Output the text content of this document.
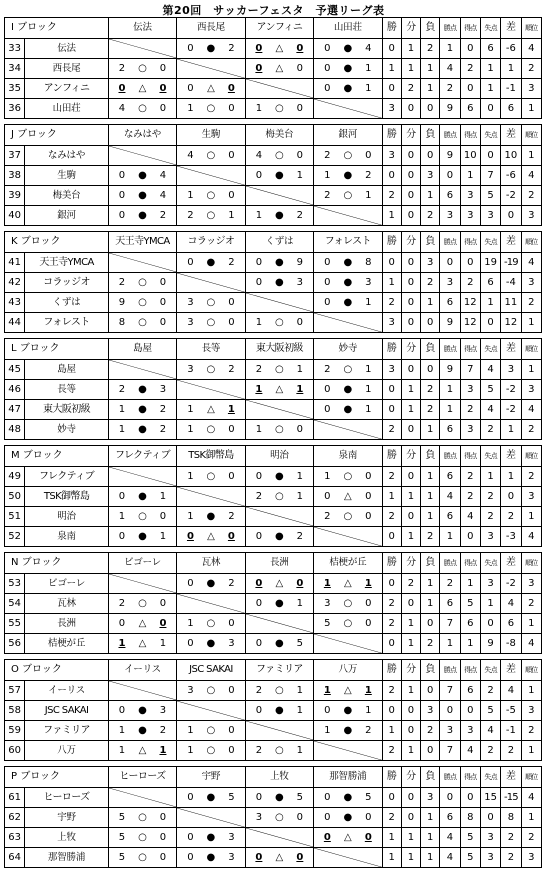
第20回　サッカーフェスタ　予選リーグ表
I ブロック		伝法	西長尾	アンフィニ	山田荘	勝	分	負	勝点	得点	失点	差	順位
33	伝法		0 ● 2	0 △ 0	0 ● 4	0	1	2	1	0	6	-6	4
34	西長尾	2 ○ 0		0 △ 0	0 ● 1	1	1	1	4	2	1	1	2
35	アンフィニ	0 △ 0	0 △ 0		0 ● 1	0	2	1	2	0	1	-1	3
36	山田荘	4 ○ 0	1 ○ 0	1 ○ 0		3	0	0	9	6	0	6	1
J ブロック		なみはや	生駒	梅美台	銀河	勝	分	負	勝点	得点	失点	差	順位
37	なみはや		4 ○ 0	4 ○ 0	2 ○ 0	3	0	0	9	10	0	10	1
38	生駒	0 ● 4		0 ● 1	1 ● 2	0	0	3	0	1	7	-6	4
39	梅美台	0 ● 4	1 ○ 0		2 ○ 1	2	0	1	6	3	5	-2	2
40	銀河	0 ● 2	2 ○ 1	1 ● 2		1	0	2	3	3	3	0	3
K ブロック		天王寺YMCA	コラッジオ	くずは	フォレスト	勝	分	負	勝点	得点	失点	差	順位
41	天王寺YMCA		0 ● 2	0 ● 9	0 ● 8	0	0	3	0	0	19	-19	4
42	コラッジオ	2 ○ 0		0 ● 3	0 ● 3	1	0	2	3	2	6	-4	3
43	くずは	9 ○ 0	3 ○ 0		0 ● 1	2	0	1	6	12	1	11	2
44	フォレスト	8 ○ 0	3 ○ 0	1 ○ 0		3	0	0	9	12	0	12	1
L ブロック		島屋	長等	東大阪初級	妙寺	勝	分	負	勝点	得点	失点	差	順位
45	島屋		3 ○ 2	2 ○ 1	2 ○ 1	3	0	0	9	7	4	3	1
46	長等	2 ● 3		1 △ 1	0 ● 1	0	1	2	1	3	5	-2	3
47	東大阪初級	1 ● 2	1 △ 1		0 ● 1	0	1	2	1	2	4	-2	4
48	妙寺	1 ● 2	1 ○ 0	1 ○ 0		2	0	1	6	3	2	1	2
M ブロック		フレクティブ	TSK御幣島	明治	泉南	勝	分	負	勝点	得点	失点	差	順位
49	フレクティブ		1 ○ 0	0 ● 1	1 ○ 0	2	0	1	6	2	1	1	2
50	TSK御幣島	0 ● 1		2 ○ 1	0 △ 0	1	1	1	4	2	2	0	3
51	明治	1 ○ 0	1 ● 2		2 ○ 0	2	0	1	6	4	2	2	1
52	泉南	0 ● 1	0 △ 0	0 ● 2		0	1	2	1	0	3	-3	4
N ブロック		ビゴーレ	瓦林	長洲	桔梗が丘	勝	分	負	勝点	得点	失点	差	順位
53	ビゴーレ		0 ● 2	0 △ 0	1 △ 1	0	2	1	2	1	3	-2	3
54	瓦林	2 ○ 0		0 ● 1	3 ○ 0	2	0	1	6	5	1	4	2
55	長洲	0 △ 0	1 ○ 0		5 ○ 0	2	1	0	7	6	0	6	1
56	桔梗が丘	1 △ 1	0 ● 3	0 ● 5		0	1	2	1	1	9	-8	4
O ブロック		イーリス	JSC SAKAI	ファミリア	八万	勝	分	負	勝点	得点	失点	差	順位
57	イーリス		3 ○ 0	2 ○ 1	1 △ 1	2	1	0	7	6	2	4	1
58	JSC SAKAI	0 ● 3		0 ● 1	0 ● 1	0	0	3	0	0	5	-5	3
59	ファミリア	1 ● 2	1 ○ 0		1 ● 2	1	0	2	3	3	4	-1	2
60	八万	1 △ 1	1 ○ 0	2 ○ 1		2	1	0	7	4	2	2	1
P ブロック		ヒーローズ	宇野	上牧	那智勝浦	勝	分	負	勝点	得点	失点	差	順位
61	ヒーローズ		0 ● 5	0 ● 5	0 ● 5	0	0	3	0	0	15	-15	4
62	宇野	5 ○ 0		3 ○ 0	0 ● 0	2	0	1	6	8	0	8	1
63	上牧	5 ○ 0	0 ● 3		0 △ 0	1	1	1	4	5	3	2	2
64	那智勝浦	5 ○ 0	0 ● 3	0 △ 0		1	1	1	4	5	3	2	3
